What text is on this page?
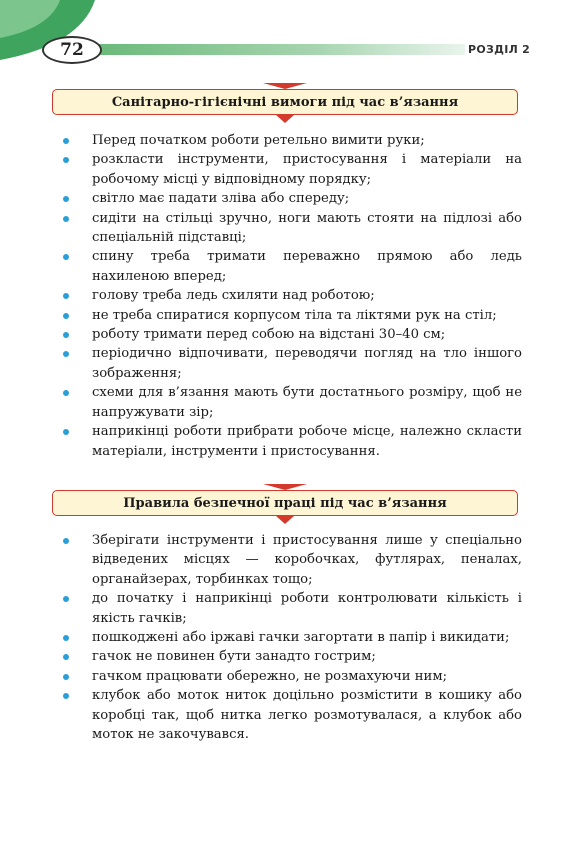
72	РОЗДІЛ 2
Санітарно-гігієнічні вимоги під час в’язання
Перед початком роботи ретельно вимити руки;
розкласти інструменти, пристосування і матеріали на робочому місці у відповідному порядку;
світло має падати зліва або спереду;
сидіти на стільці зручно, ноги мають стояти на підлозі або спеціальній підставці;
спину треба тримати переважно прямою або ледь нахиленою вперед;
голову треба ледь схиляти над роботою;
не треба спиратися корпусом тіла та ліктями рук на стіл;
роботу тримати перед собою на відстані 30–40 см;
періодично відпочивати, переводячи погляд на тло іншого зображення;
схеми для в’язання мають бути достатнього розміру, щоб не напружувати зір;
наприкінці роботи прибрати робоче місце, належно скласти матеріали, інструменти і пристосування.
Правила безпечної праці під час в’язання
Зберігати інструменти і пристосування лише у спеціально відведених місцях — коробочках, футлярах, пеналах, органайзерах, торбинках тощо;
до початку і наприкінці роботи контролювати кількість і якість гачків;
пошкоджені або іржаві гачки загортати в папір і викидати;
гачок не повинен бути занадто гострим;
гачком працювати обережно, не розмахуючи ним;
клубок або моток ниток доцільно розмістити в кошику або коробці так, щоб нитка легко розмотувалася, а клубок або моток не закочувався.
